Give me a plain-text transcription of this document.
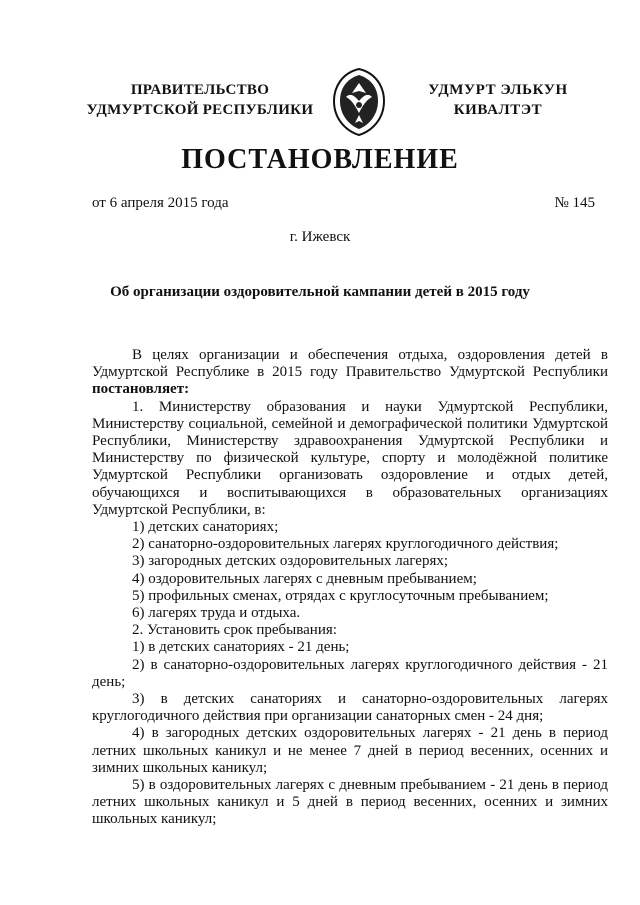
ПРАВИТЕЛЬСТВО
УДМУРТСКОЙ РЕСПУБЛИКИ
УДМУРТ ЭЛЬКУН
КИВАЛТЭТ
ПОСТАНОВЛЕНИЕ
от 6 апреля 2015 года	№ 145
г. Ижевск
Об организации оздоровительной кампании детей в 2015 году

В целях организации и обеспечения отдыха, оздоровления детей в Удмуртской Республике в 2015 году Правительство Удмуртской Республики постановляет:

1. Министерству образования и науки Удмуртской Республики, Министерству социальной, семейной и демографической политики Удмуртской Республики, Министерству здравоохранения Удмуртской Республики и Министерству по физической культуре, спорту и молодёжной политике Удмуртской Республики организовать оздоровление и отдых детей, обучающихся и воспитывающихся в образовательных организациях Удмуртской Республики, в:

1) детских санаториях;

2) санаторно-оздоровительных лагерях круглогодичного действия;

3) загородных детских оздоровительных лагерях;

4) оздоровительных лагерях с дневным пребыванием;

5) профильных сменах, отрядах с круглосуточным пребыванием;

6) лагерях труда и отдыха.

2. Установить срок пребывания:

1) в детских санаториях - 21 день;

2) в санаторно-оздоровительных лагерях круглогодичного действия - 21 день;

3) в детских санаториях и санаторно-оздоровительных лагерях круглогодичного действия при организации санаторных смен - 24 дня;

4) в загородных детских оздоровительных лагерях - 21 день в период летних школьных каникул и не менее 7 дней в период весенних, осенних и зимних школьных каникул;

5) в оздоровительных лагерях с дневным пребыванием - 21 день в период летних школьных каникул и 5 дней в период весенних, осенних и зимних школьных каникул;
